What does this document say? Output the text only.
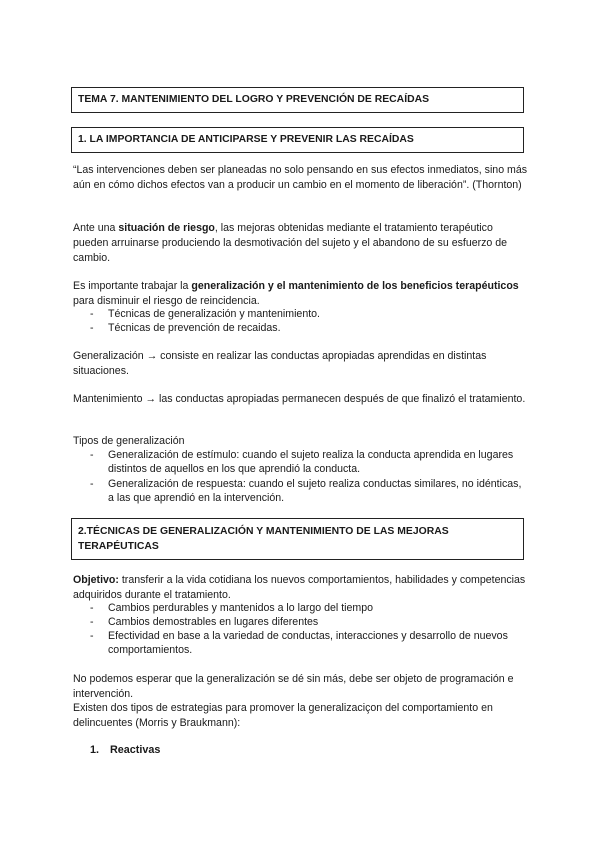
TEMA 7. MANTENIMIENTO DEL LOGRO Y PREVENCIÓN DE RECAÍDAS
1. LA IMPORTANCIA DE ANTICIPARSE Y PREVENIR LAS RECAÍDAS

“Las intervenciones deben ser planeadas no solo pensando en sus efectos inmediatos, sino más aún en cómo dichos efectos van a producir un cambio en el momento de liberación”. (Thornton)

Ante una situación de riesgo, las mejoras obtenidas mediante el tratamiento terapéutico pueden arruinarse produciendo la desmotivación del sujeto y el abandono de su esfuerzo de cambio.

Es importante trabajar la generalización y el mantenimiento de los beneficios terapéuticos para disminuir el riesgo de reincidencia.

- Técnicas de generalización y mantenimiento.
- Técnicas de prevención de recaidas.

Generalización → consiste en realizar las conductas apropiadas aprendidas en distintas situaciones.

Mantenimiento → las conductas apropiadas permanecen después de que finalizó el tratamiento.

Tipos de generalización

- Generalización de estímulo: cuando el sujeto realiza la conducta aprendida en lugares distintos de aquellos en los que aprendió la conducta.
- Generalización de respuesta: cuando el sujeto realiza conductas similares, no idénticas, a las que aprendió en la intervención.
2.TÉCNICAS DE GENERALIZACIÓN Y MANTENIMIENTO DE LAS MEJORAS TERAPÉUTICAS

Objetivo: transferir a la vida cotidiana los nuevos comportamientos, habilidades y competencias adquiridos durante el tratamiento.

- Cambios perdurables y mantenidos a lo largo del tiempo
- Cambios demostrables en lugares diferentes
- Efectividad en base a la variedad de conductas, interacciones y desarrollo de nuevos comportamientos.

No podemos esperar que la generalización se dé sin más, debe ser objeto de programación e intervención.

Existen dos tipos de estrategias para promover la generalizaciçon del comportamiento en delincuentes (Morris y Braukmann):

1. Reactivas
